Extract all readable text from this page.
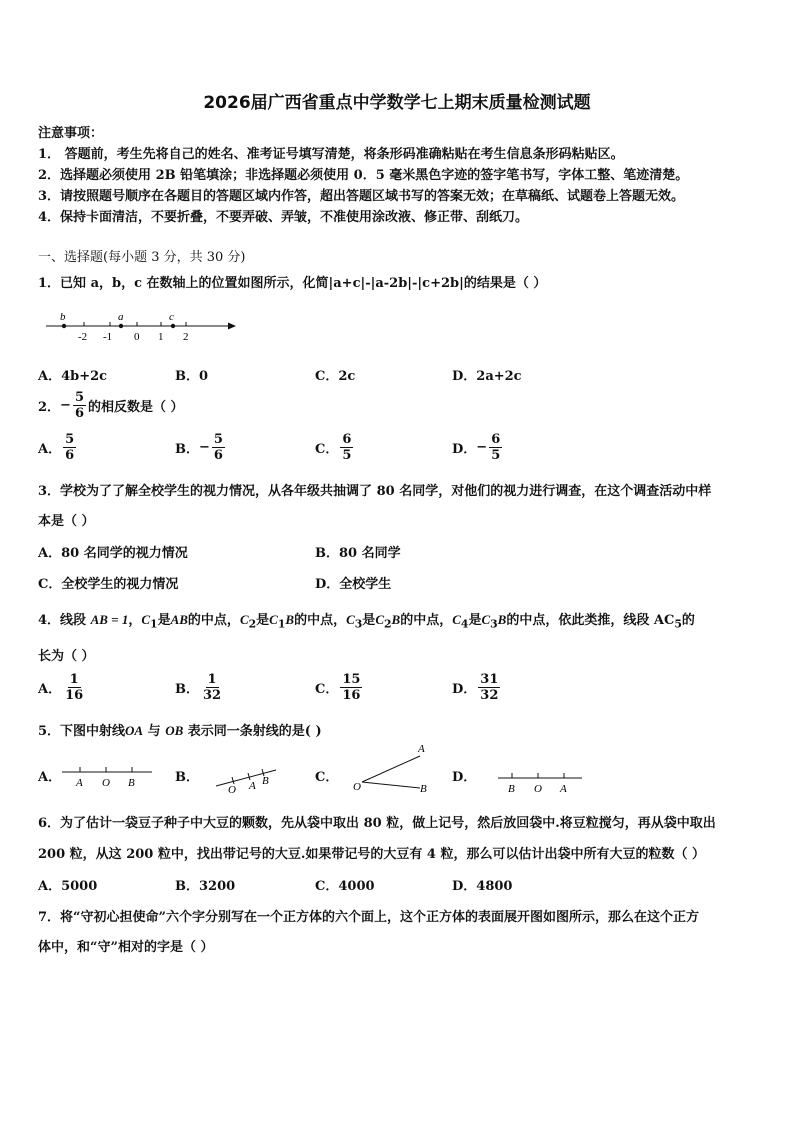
2026届广西省重点中学数学七上期末质量检测试题
注意事项：
1． 答题前，考生先将自己的姓名、准考证号填写清楚，将条形码准确粘贴在考生信息条形码粘贴区。
2．选择题必须使用 2B 铅笔填涂；非选择题必须使用 0．5 毫米黑色字迹的签字笔书写，字体工整、笔迹清楚。
3．请按照题号顺序在各题目的答题区域内作答，超出答题区域书写的答案无效；在草稿纸、试题卷上答题无效。
4．保持卡面清洁，不要折叠，不要弄破、弄皱，不准使用涂改液、修正带、刮纸刀。
一、选择题(每小题 3 分，共 30 分)
1．已知 a，b，c 在数轴上的位置如图所示，化简|a+c|-|a-2b|-|c+2b|的结果是（ ）
b	a	c
-2 -1 0 1 2
A．4b+2c	B．0	C．2c	D．2a+2c
2．− $\frac{5}{6}$ 的相反数是（ ）
A． $\frac{5}{6}$	B．− $\frac{5}{6}$	C． $\frac{6}{5}$	D．− $\frac{6}{5}$
3．学校为了了解全校学生的视力情况，从各年级共抽调了 80 名同学，对他们的视力进行调查，在这个调查活动中样
本是（ ）
A．80 名同学的视力情况	B．80 名同学
C．全校学生的视力情况	D．全校学生
4．线段 AB = 1，$C_1$是AB的中点，$C_2$是$C_1B$的中点，$C_3$是$C_2B$的中点，$C_4$是$C_3B$的中点，依此类推，线段 $AC_5$的
长为（ ）
A． $\frac{1}{16}$	B． $\frac{1}{32}$	C． $\frac{15}{16}$	D． $\frac{31}{32}$
5．下图中射线OA 与 OB 表示同一条射线的是( )
A． A O B	B．
O A B	C．
A
O	B
D．
B O A
6．为了估计一袋豆子种子中大豆的颗数，先从袋中取出 80 粒，做上记号，然后放回袋中.将豆粒搅匀，再从袋中取出
200 粒，从这 200 粒中，找出带记号的大豆.如果带记号的大豆有 4 粒，那么可以估计出袋中所有大豆的粒数（ ）
A．5000	B．3200	C．4000	D．4800
7．将“守初心担使命”六个字分别写在一个正方体的六个面上，这个正方体的表面展开图如图所示，那么在这个正方
体中，和“守”相对的字是（ ）
